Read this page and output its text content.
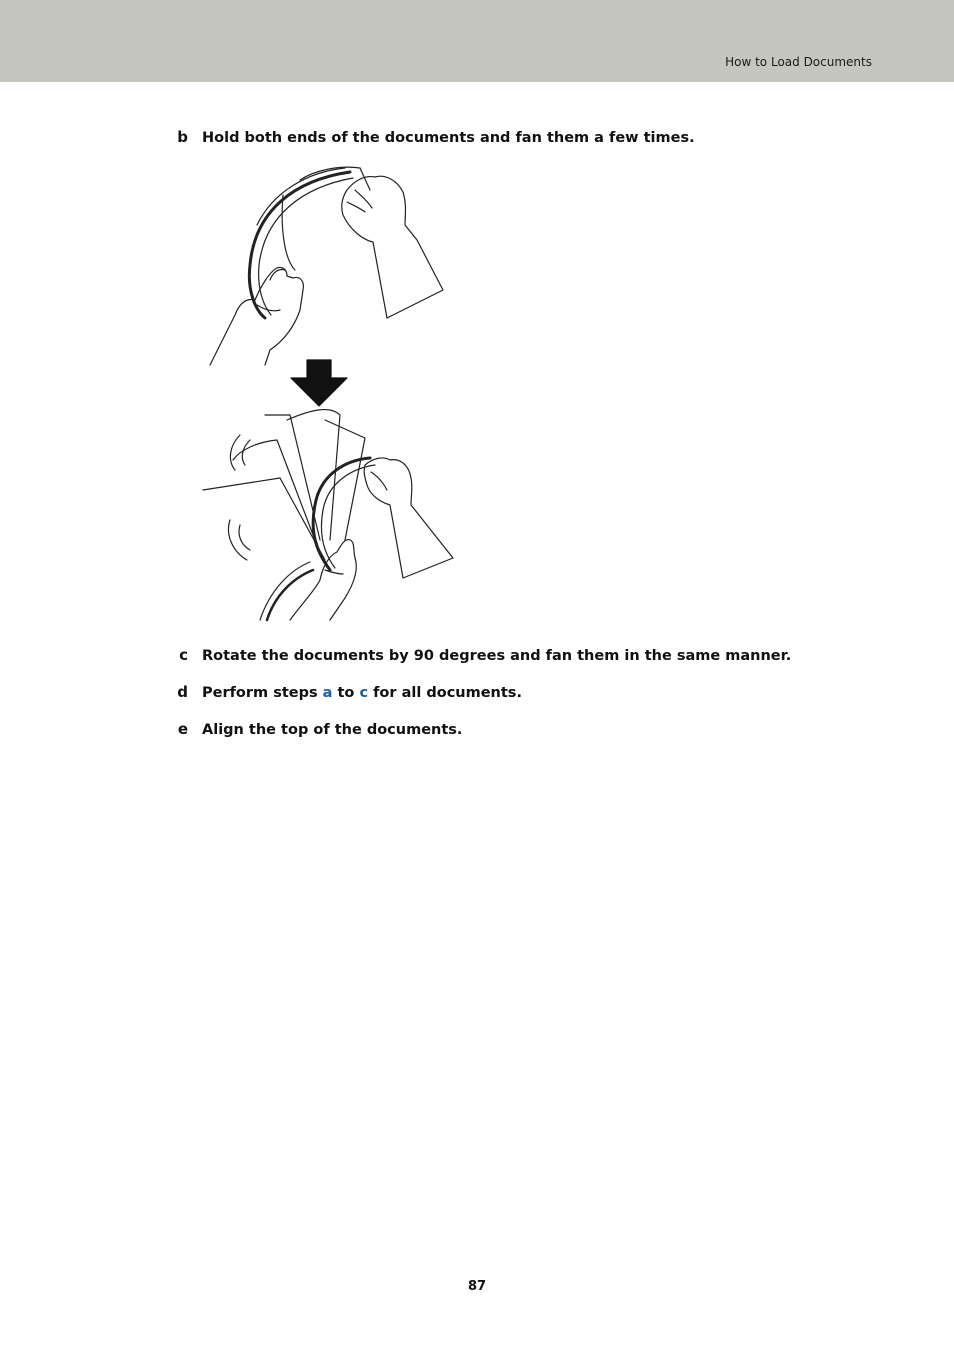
How to Load Documents
b Hold both ends of the documents and fan them a few times.
c Rotate the documents by 90 degrees and fan them in the same manner.
d Perform steps a to c for all documents.
e Align the top of the documents.
87
